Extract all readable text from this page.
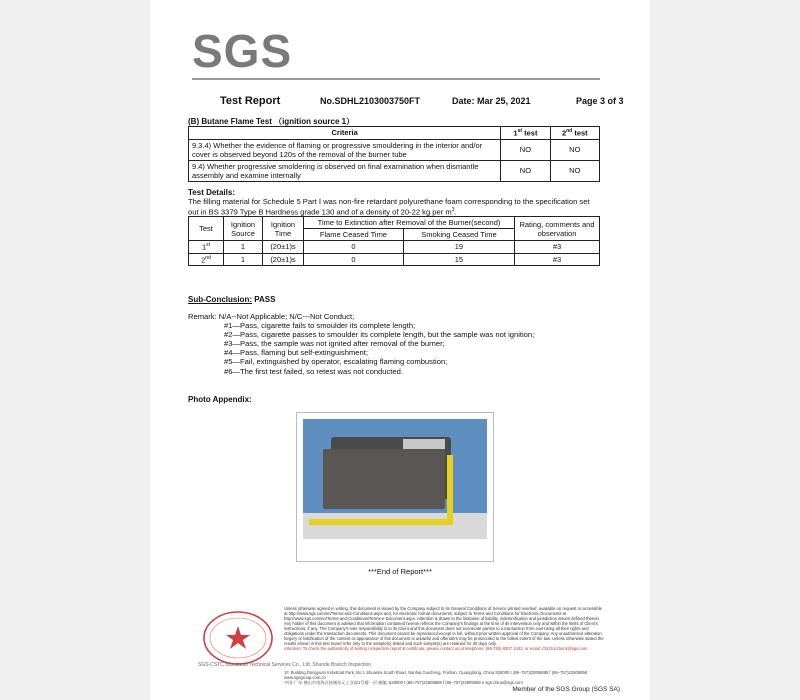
SGS
Test Report	No.SDHL2103003750FT	Date: Mar 25, 2021	Page 3 of 3
(B) Butane Flame Test （ignition source 1）
Criteria	1st test	2nd test
9.3.4) Whether the evidence of flaming or progressive smouldering in the interior and/or cover is observed beyond 120s of the removal of the burner tube	NO	NO
9.4) Whether progressive smoldering is observed on final examination when dismantle assembly and examine internally	NO	NO
Test Details:
The filling material for Schedule 5 Part Ⅰ was non-fire retardant polyurethane foam corresponding to the specification set out in BS 3379 Type B Hardness grade 130 and of a density of 20-22 kg per $m^3$.
Test	Ignition Source	Ignition Time	Time to Extinction after Removal of the Burner(second)		Rating, comments and observation
			Flame Ceased Time	Smoking Ceased Time	
1st	1	(20±1)s	0	19	#3
2nd	1	(20±1)s	0	15	#3
Sub-Conclusion: PASS
Remark: N/A--Not Applicable; N/C---Not Conduct;
#1—Pass, cigarette fails to smoulder its complete length;
#2—Pass, cigarette passes to smoulder its complete length, but the sample was not ignition;
#3—Pass, the sample was not ignited after removal of the burner;
#4—Pass, flaming but self-extinguishment;
#5—Fail, extinguished by operator, escalating flaming combustion;
#6—The first test failed, so retest was not conducted.
Photo Appendix:
***End of Report***
SGS-CSTC Standards Technical Services Co., Ltd. Shunde Branch Inspection
Unless otherwise agreed in writing, this document is issued by the Company subject to its General Conditions of Service printed overleaf, available on request or accessible at http://www.sgs.com/en/Terms-and-Conditions.aspx and, for electronic format documents, subject to Terms and Conditions for Electronic Documents at http://www.sgs.com/en/Terms-and-Conditions/Terms-e-Document.aspx. Attention is drawn to the limitation of liability, indemnification and jurisdiction issues defined therein. Any holder of this document is advised that information contained hereon reflects the Company's findings at the time of its intervention only and within the limits of Client's instructions, if any. The Company's sole responsibility is to its Client and this document does not exonerate parties to a transaction from exercising all their rights and obligations under the transaction documents. This document cannot be reproduced except in full, without prior written approval of the Company. Any unauthorized alteration, forgery or falsification of the content or appearance of this document is unlawful and offenders may be prosecuted to the fullest extent of the law. Unless otherwise stated the results shown in this test report refer only to the sample(s) tested and such sample(s) are retained for 30 days only.
Attention: To check the authenticity of testing / inspection report & certificate, please contact us at telephone: (86-755) 8307 1443, or email: CN.Doccheck@sgs.com
1F, Building Dongyuan Industrial Park, No.1 Shuanlai South Road, Nanhai Guicheng, Foshan, Guangdong, China 528000 t (86–757)22805888 f (86–757)22805858 www.sgsgroup.com.cn
中国·广东·佛山市南海区桂城东元工业园1号楼一层 邮编: 528000 t (86–757)22805888 f (86–757)22805858 e sgs.china@sgs.com
Member of the SGS Group (SGS SA)
